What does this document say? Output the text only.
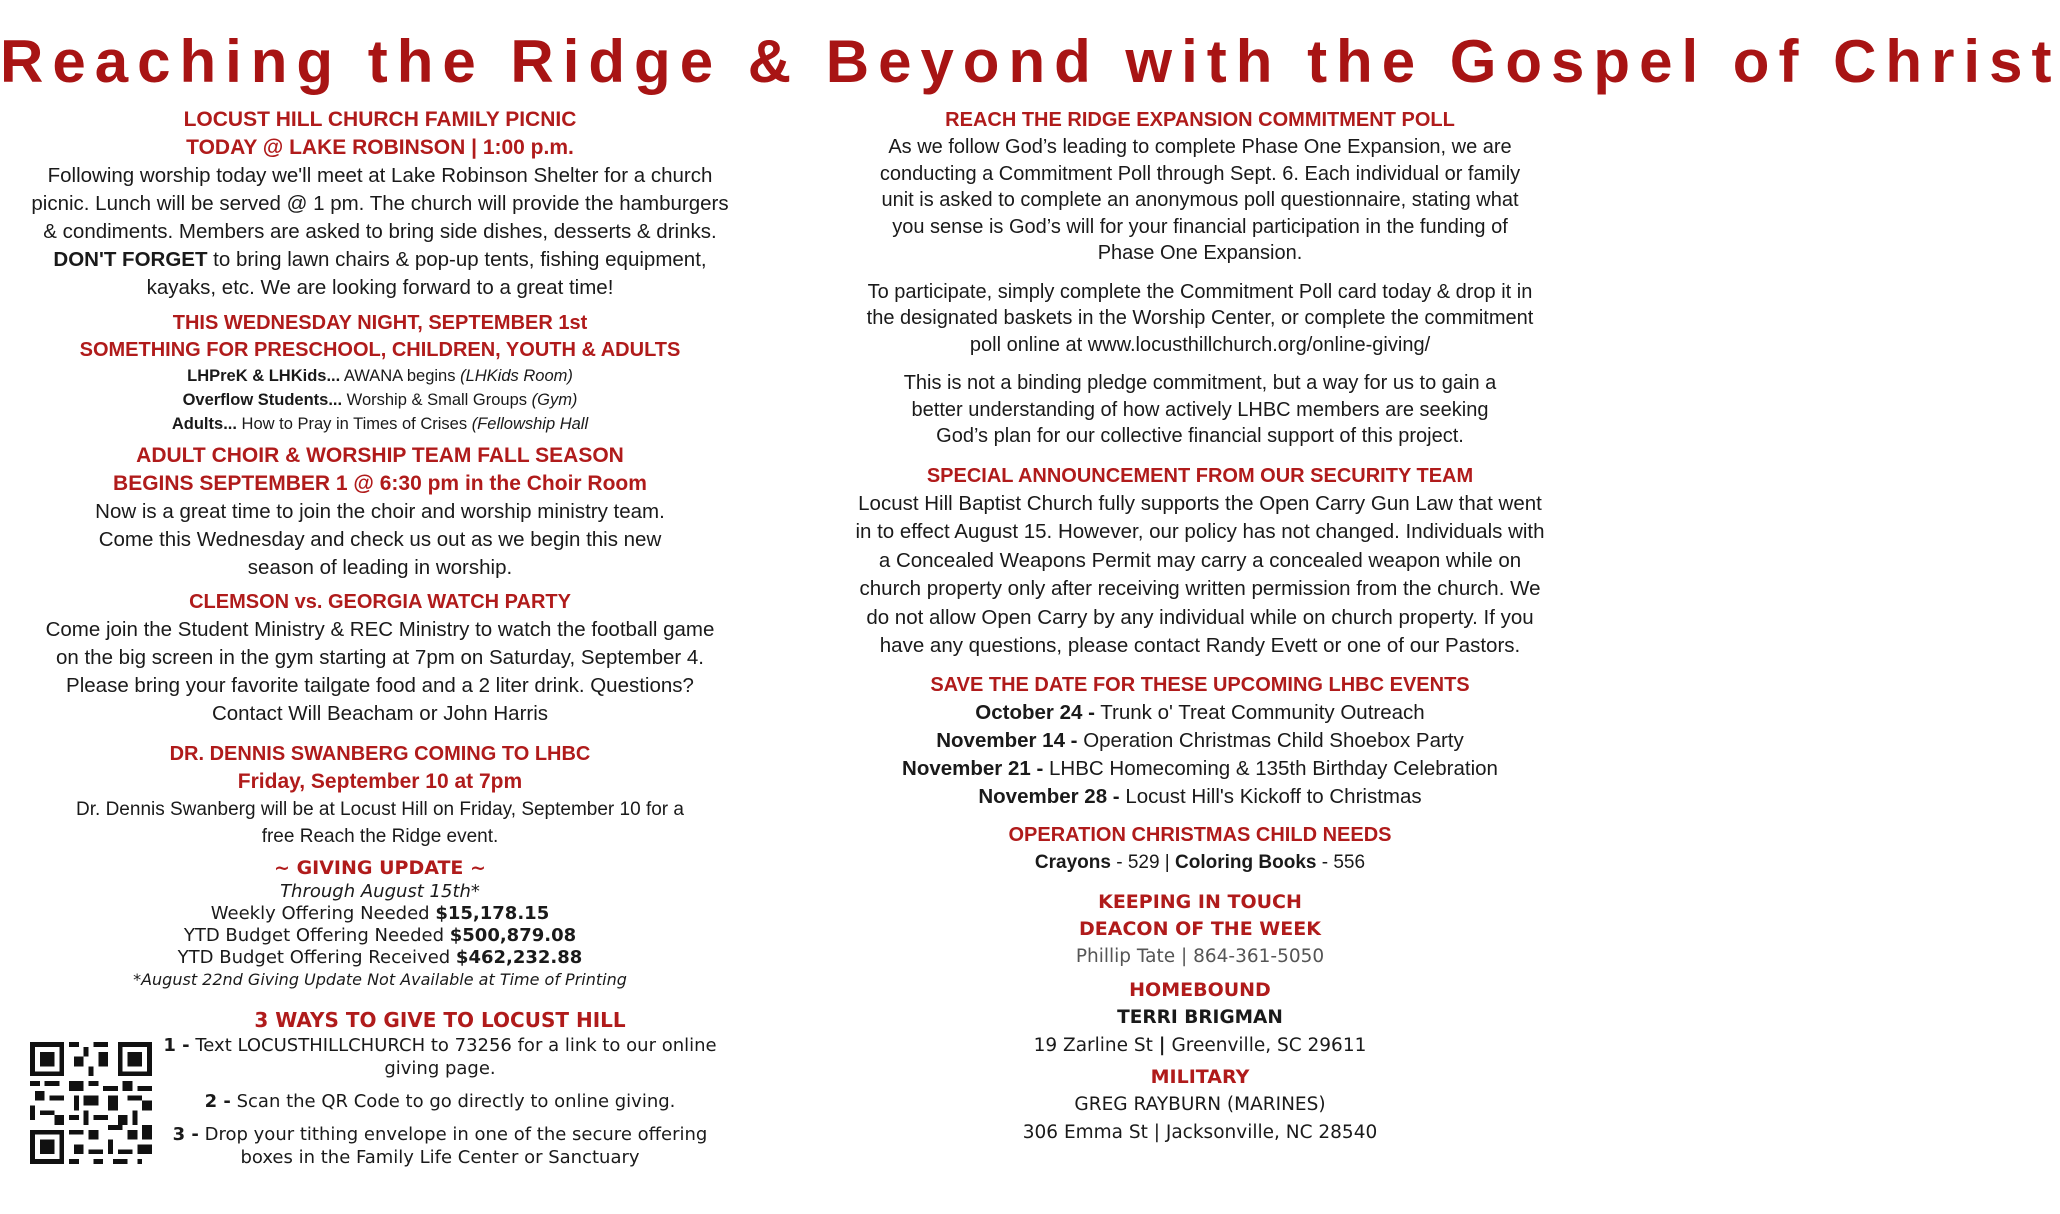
Reaching the Ridge & Beyond with the Gospel of Christ
LOCUST HILL CHURCH FAMILY PICNIC
TODAY @ LAKE ROBINSON | 1:00 p.m.
Following worship today we'll meet at Lake Robinson Shelter for a church picnic. Lunch will be served @ 1 pm. The church will provide the hamburgers & condiments. Members are asked to bring side dishes, desserts & drinks. DON'T FORGET to bring lawn chairs & pop-up tents, fishing equipment, kayaks, etc. We are looking forward to a great time!
THIS WEDNESDAY NIGHT, SEPTEMBER 1st
SOMETHING FOR PRESCHOOL, CHILDREN, YOUTH & ADULTS
LHPreK & LHKids... AWANA begins (LHKids Room)
Overflow Students... Worship & Small Groups (Gym)
Adults... How to Pray in Times of Crises (Fellowship Hall
ADULT CHOIR & WORSHIP TEAM FALL SEASON
BEGINS SEPTEMBER 1 @ 6:30 pm in the Choir Room
Now is a great time to join the choir and worship ministry team. Come this Wednesday and check us out as we begin this new season of leading in worship.
CLEMSON vs. GEORGIA WATCH PARTY
Come join the Student Ministry & REC Ministry to watch the football game on the big screen in the gym starting at 7pm on Saturday, September 4. Please bring your favorite tailgate food and a 2 liter drink. Questions? Contact Will Beacham or John Harris
DR. DENNIS SWANBERG COMING TO LHBC
Friday, September 10 at 7pm
Dr. Dennis Swanberg will be at Locust Hill on Friday, September 10 for a free Reach the Ridge event.
~ GIVING UPDATE ~
Through August 15th*
Weekly Offering Needed $15,178.15
YTD Budget Offering Needed $500,879.08
YTD Budget Offering Received $462,232.88
*August 22nd Giving Update Not Available at Time of Printing
3 WAYS TO GIVE TO LOCUST HILL
1 - Text LOCUSTHILLCHURCH to 73256 for a link to our online giving page.
2 - Scan the QR Code to go directly to online giving.
3 - Drop your tithing envelope in one of the secure offering boxes in the Family Life Center or Sanctuary
REACH THE RIDGE EXPANSION COMMITMENT POLL
As we follow God’s leading to complete Phase One Expansion, we are conducting a Commitment Poll through Sept. 6. Each individual or family unit is asked to complete an anonymous poll questionnaire, stating what you sense is God’s will for your financial participation in the funding of Phase One Expansion.
To participate, simply complete the Commitment Poll card today & drop it in the designated baskets in the Worship Center, or complete the commitment poll online at www.locusthillchurch.org/online-giving/
This is not a binding pledge commitment, but a way for us to gain a better understanding of how actively LHBC members are seeking God’s plan for our collective financial support of this project.
SPECIAL ANNOUNCEMENT FROM OUR SECURITY TEAM
Locust Hill Baptist Church fully supports the Open Carry Gun Law that went in to effect August 15. However, our policy has not changed. Individuals with a Concealed Weapons Permit may carry a concealed weapon while on church property only after receiving written permission from the church. We do not allow Open Carry by any individual while on church property. If you have any questions, please contact Randy Evett or one of our Pastors.
SAVE THE DATE FOR THESE UPCOMING LHBC EVENTS
October 24 - Trunk o' Treat Community Outreach
November 14 - Operation Christmas Child Shoebox Party
November 21 - LHBC Homecoming & 135th Birthday Celebration
November 28 - Locust Hill's Kickoff to Christmas
OPERATION CHRISTMAS CHILD NEEDS
Crayons - 529 | Coloring Books - 556
KEEPING IN TOUCH
DEACON OF THE WEEK
Phillip Tate | 864-361-5050
HOMEBOUND
TERRI BRIGMAN
19 Zarline St | Greenville, SC 29611
MILITARY
GREG RAYBURN (MARINES)
306 Emma St | Jacksonville, NC 28540
